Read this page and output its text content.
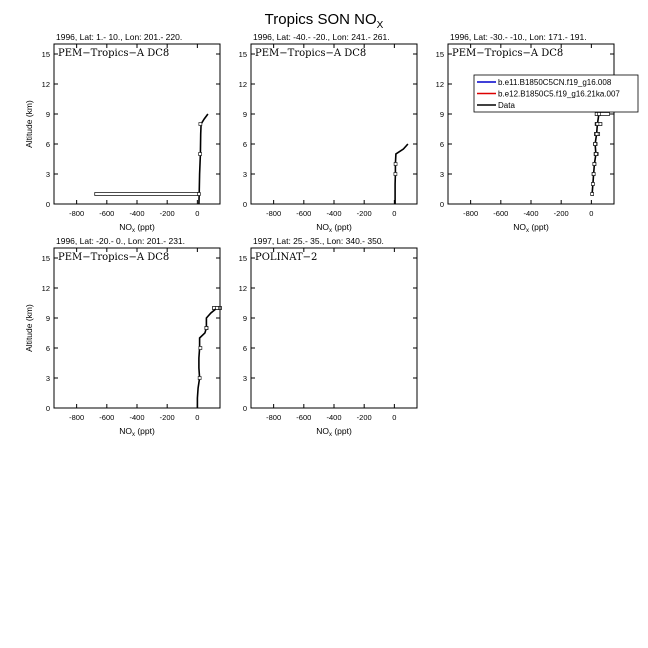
Tropics SON $NO_X$
1996, Lat: 1.- 10., Lon: 201.- 220.
PEM−Tropics−A DC8
-800 -600 -400 -200	0
0
3
6
9
12
15
$NO_x$ (ppt)
Altitude (km)
1996, Lat: -40.- -20., Lon: 241.- 261.
PEM−Tropics−A DC8
-800 -600 -400 -200	0
0
3
6
9
12
15
$NO_x$ (ppt)
1996, Lat: -30.- -10., Lon: 171.- 191.
PEM−Tropics−A DC8
-800 -600 -400 -200	0
0
3
6
9
12
15
$NO_x$ (ppt)
b.e11.B1850C5CN.f19_g16.008
b.e12.B1850C5.f19_g16.21ka.007
Data
1996, Lat: -20.- 0., Lon: 201.- 231.
PEM−Tropics−A DC8
-800 -600 -400 -200	0
0
3
6
9
12
15
$NO_x$ (ppt)
Altitude (km)
1997, Lat: 25.- 35., Lon: 340.- 350.
POLINAT−2
-800 -600 -400 -200	0
0
3
6
9
12
15
$NO_x$ (ppt)
